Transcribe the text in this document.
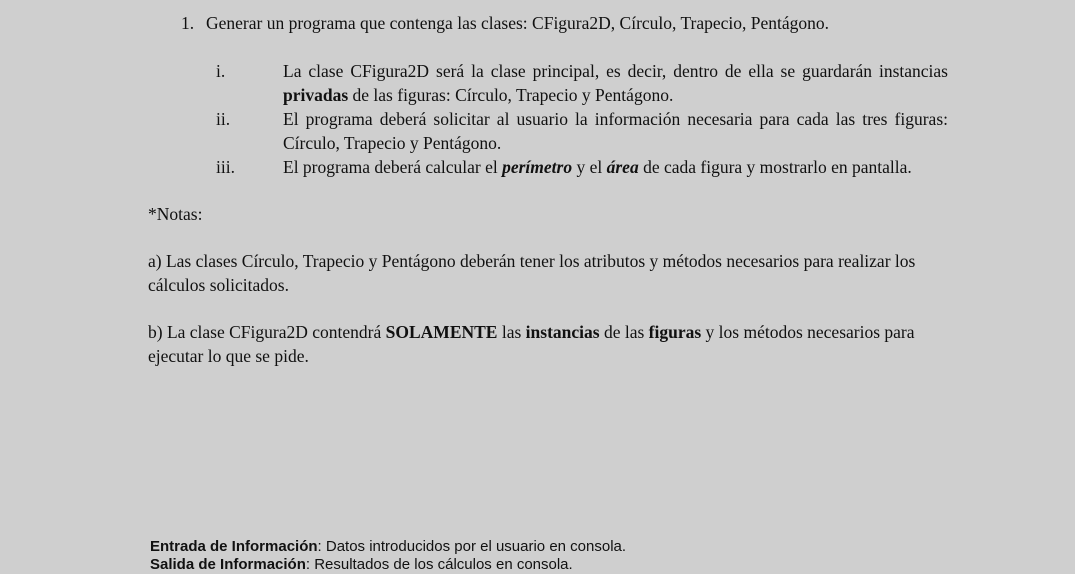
1. Generar un programa que contenga las clases: CFigura2D, Círculo, Trapecio, Pentágono.
i.	La clase CFigura2D será la clase principal, es decir, dentro de ella se guardarán instancias privadas de las figuras: Círculo, Trapecio y Pentágono.
ii.	El programa deberá solicitar al usuario la información necesaria para cada las tres figuras: Círculo, Trapecio y Pentágono.
iii.	El programa deberá calcular el perímetro y el área de cada figura y mostrarlo en pantalla.
*Notas:
a) Las clases Círculo, Trapecio y Pentágono deberán tener los atributos y métodos necesarios para realizar los cálculos solicitados.
b) La clase CFigura2D contendrá SOLAMENTE las instancias de las figuras y los métodos necesarios para ejecutar lo que se pide.
Entrada de Información: Datos introducidos por el usuario en consola.
Salida de Información: Resultados de los cálculos en consola.
